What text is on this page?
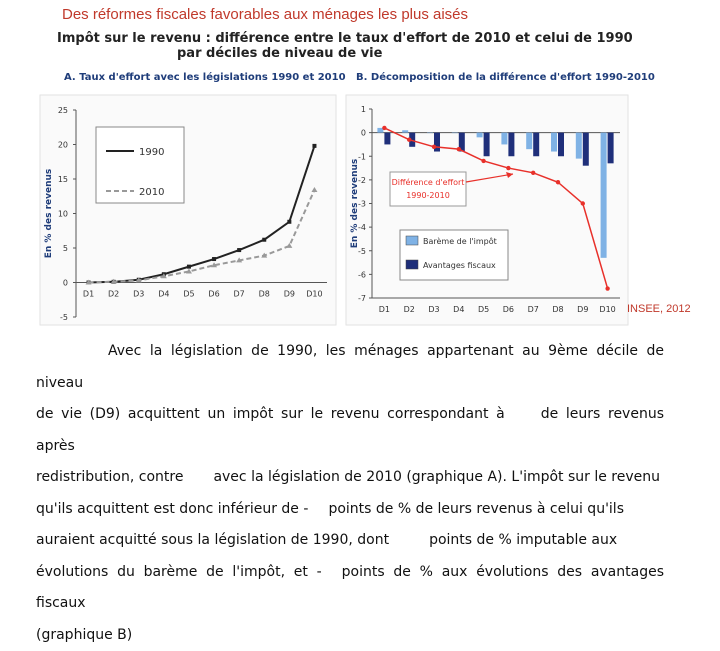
Des réformes fiscales favorables aux ménages les plus aisés
Impôt sur le revenu : différence entre le taux d'effort de 2010 et celui de 1990
par déciles de niveau de vie
A. Taux d'effort avec les législations 1990 et 2010 B. Décomposition de la différence d'effort 1990-2010
-5
0
5
10
15
20
25
D1 D2 D3 D4 D5 D6 D7 D8 D9 D10
En % des revenus
1990
2010
1
0
-1
-2
-3
-4
-5
-6
-7
D1 D2 D3 D4 D5 D6 D7 D8 D9 D10
En % des revenus	Différence d'effort
1990-2010
Barème de l'impôt
Avantages fiscaux
INSEE, 2012
Avec la législation de 1990, les ménages appartenant au 9ème décile de niveau
de vie (D9) acquittent un impôt sur le revenu correspondant à	de leurs revenus après
redistribution, contre avec la législation de 2010 (graphique A). L'impôt sur le revenu
qu'ils acquittent est donc inférieur de - points de % de leurs revenus à celui qu'ils
auraient acquitté sous la législation de 1990, dont	points de % imputable aux
évolutions du barème de l'impôt, et - points de % aux évolutions des avantages fiscaux
(graphique B)
